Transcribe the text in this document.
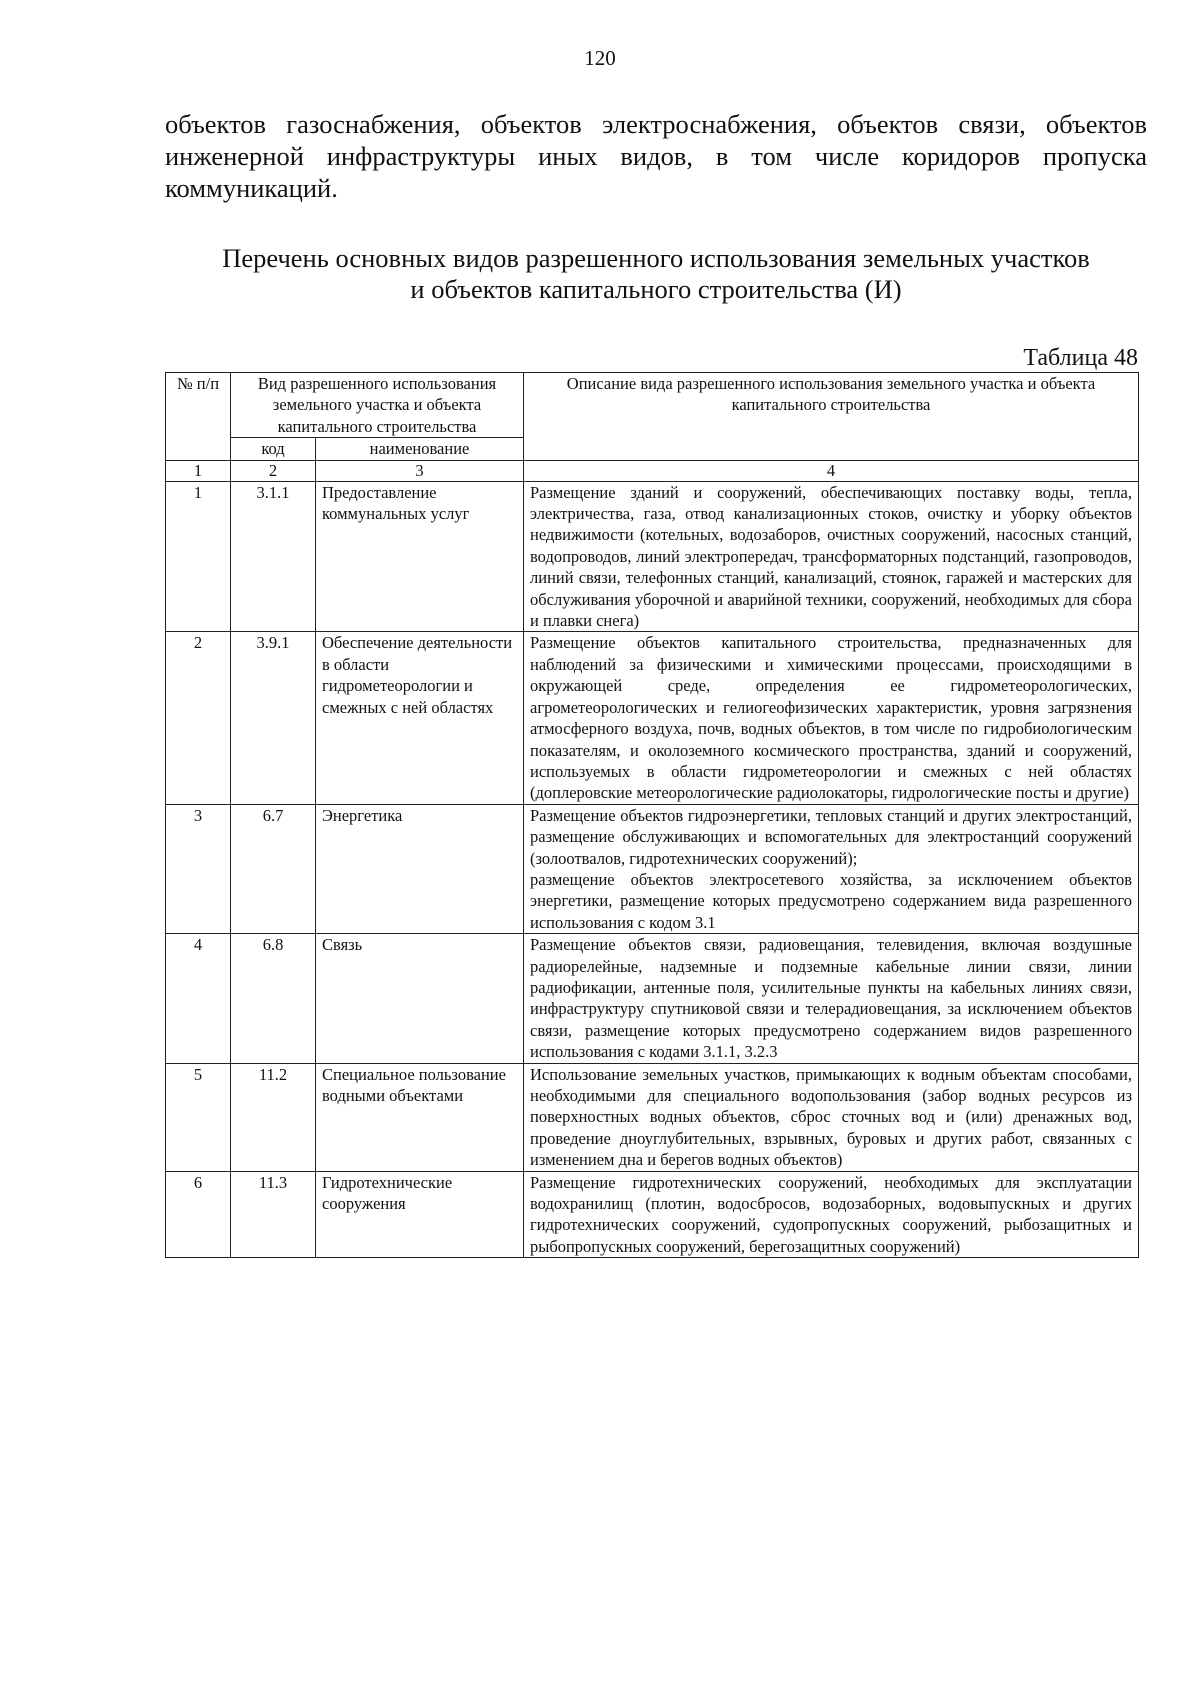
120
объектов газоснабжения, объектов электроснабжения, объектов связи, объектов инженерной инфраструктуры иных видов, в том числе коридоров пропуска коммуникаций.
Перечень основных видов разрешенного использования земельных участков
и объектов капитального строительства (И)
Таблица 48
№ п/п	Вид разрешенного использования земельного участка и объекта капитального строительства		Описание вида разрешенного использования земельного участка и объекта капитального строительства
	код	наименование	
1	2	3	4
1	3.1.1	Предоставление коммунальных услуг	Размещение зданий и сооружений, обеспечивающих поставку воды, тепла, электричества, газа, отвод канализационных стоков, очистку и уборку объектов недвижимости (котельных, водозаборов, очистных сооружений, насосных станций, водопроводов, линий электропередач, трансформаторных подстанций, газопроводов, линий связи, телефонных станций, канализаций, стоянок, гаражей и мастерских для обслуживания уборочной и аварийной техники, сооружений, необходимых для сбора и плавки снега)
2	3.9.1	Обеспечение деятельности в области гидрометеорологии и смежных с ней областях	Размещение объектов капитального строительства, предназначенных для наблюдений за физическими и химическими процессами, происходящими в окружающей среде, определения ее гидрометеорологических, агрометеорологических и гелиогеофизических характеристик, уровня загрязнения атмосферного воздуха, почв, водных объектов, в том числе по гидробиологическим показателям, и околоземного космического пространства, зданий и сооружений, используемых в области гидрометеорологии и смежных с ней областях (доплеровские метеорологические радиолокаторы, гидрологические посты и другие)
3	6.7	Энергетика	Размещение объектов гидроэнергетики, тепловых станций и других электростанций, размещение обслуживающих и вспомогательных для электростанций сооружений (золоотвалов, гидротехнических сооружений);
размещение объектов электросетевого хозяйства, за исключением объектов энергетики, размещение которых предусмотрено содержанием вида разрешенного использования с кодом 3.1

4	6.8	Связь	Размещение объектов связи, радиовещания, телевидения, включая воздушные радиорелейные, надземные и подземные кабельные линии связи, линии радиофикации, антенные поля, усилительные пункты на кабельных линиях связи, инфраструктуру спутниковой связи и телерадиовещания, за исключением объектов связи, размещение которых предусмотрено содержанием видов разрешенного использования с кодами 3.1.1, 3.2.3
5	11.2	Специальное пользование водными объектами	Использование земельных участков, примыкающих к водным объектам способами, необходимыми для специального водопользования (забор водных ресурсов из поверхностных водных объектов, сброс сточных вод и (или) дренажных вод, проведение дноуглубительных, взрывных, буровых и других работ, связанных с изменением дна и берегов водных объектов)
6	11.3	Гидротехнические сооружения	Размещение гидротехнических сооружений, необходимых для эксплуатации водохранилищ (плотин, водосбросов, водозаборных, водовыпускных и других гидротехнических сооружений, судопропускных сооружений, рыбозащитных и рыбопропускных сооружений, берегозащитных сооружений)
